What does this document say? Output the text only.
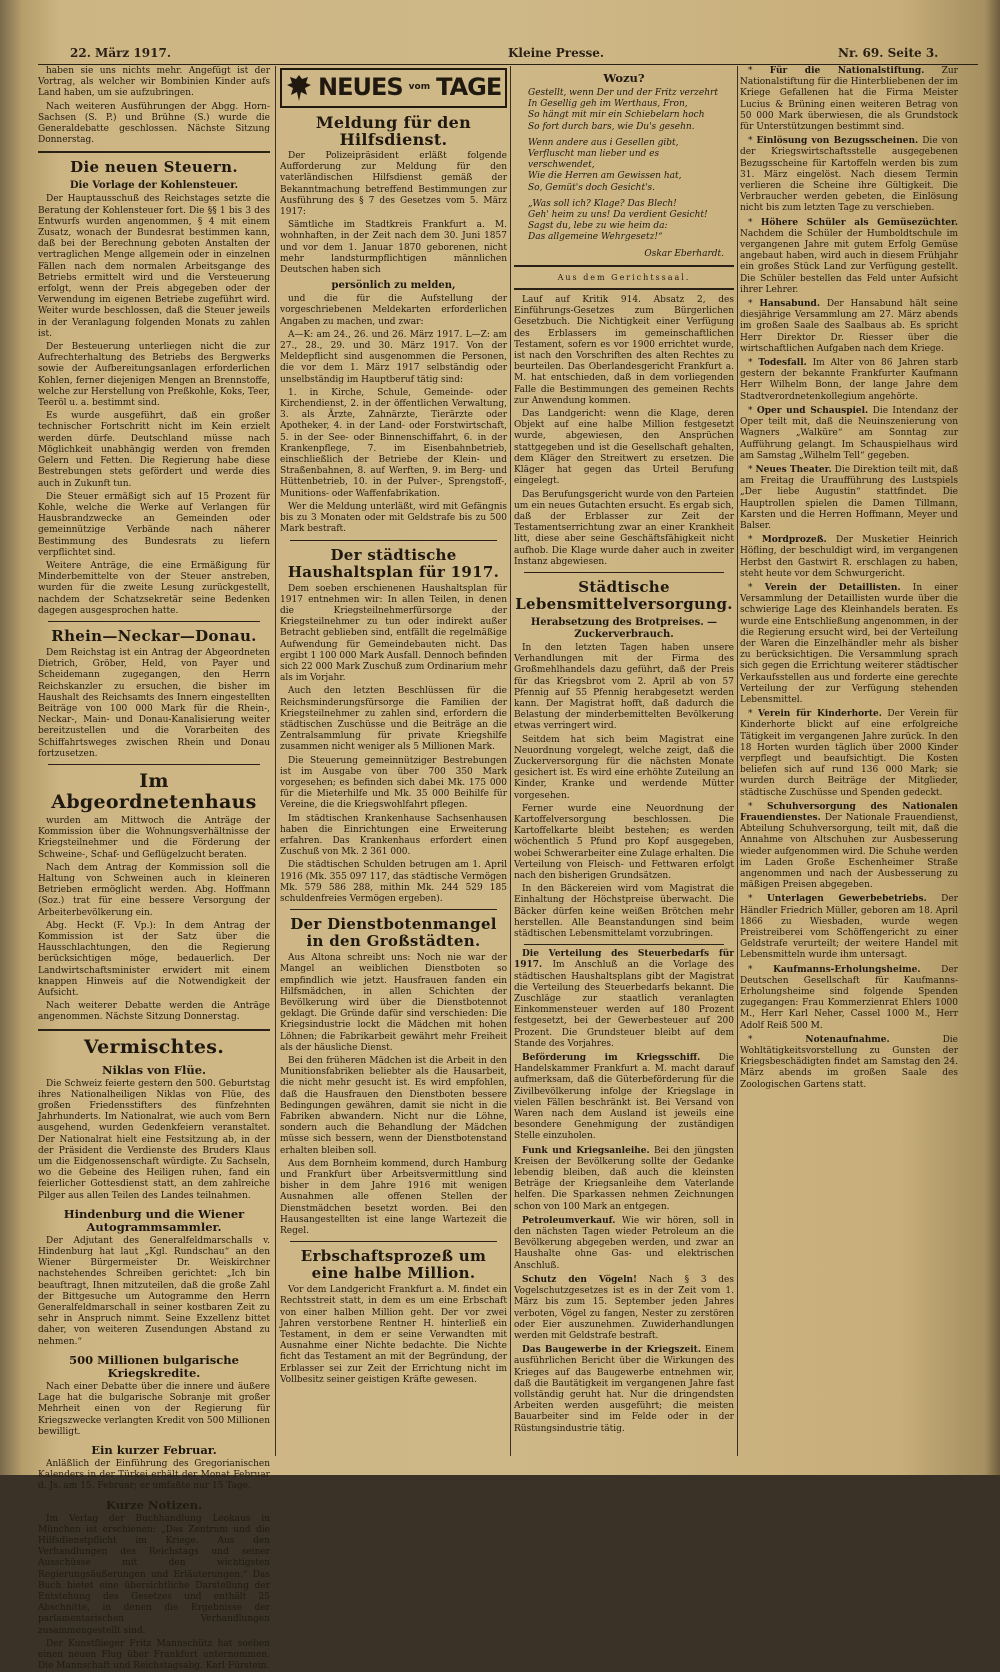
22. März 1917.	Kleine Presse.	Nr. 69. Seite 3.

haben sie uns nichts mehr. Angefügt ist der Vortrag, als welcher wir Bombinien Kinder aufs Land haben, um sie aufzubringen.

Nach weiteren Ausführungen der Abgg. Horn-Sachsen (S. P.) und Brühne (S.) wurde die Generaldebatte geschlossen. Nächste Sitzung Donnerstag.

Die neuen Steuern.
Die Vorlage der Kohlensteuer.

Der Hauptausschuß des Reichstages setzte die Beratung der Kohlensteuer fort. Die §§ 1 bis 3 des Entwurfs wurden angenommen, § 4 mit einem Zusatz, wonach der Bundesrat bestimmen kann, daß bei der Berechnung geboten Anstalten der vertraglichen Menge allgemein oder in einzelnen Fällen nach dem normalen Arbeitsgange des Betriebs ermittelt wird und die Versteuerung erfolgt, wenn der Preis abgegeben oder der Verwendung im eigenen Betriebe zugeführt wird. Weiter wurde beschlossen, daß die Steuer jeweils in der Veranlagung folgenden Monats zu zahlen ist.

Der Besteuerung unterliegen nicht die zur Aufrechterhaltung des Betriebs des Bergwerks sowie der Aufbereitungsanlagen erforderlichen Kohlen, ferner diejenigen Mengen an Brennstoffe, welche zur Herstellung von Preßkohle, Koks, Teer, Teeröl u. a. bestimmt sind.

Es wurde ausgeführt, daß ein großer technischer Fortschritt nicht im Kein erzielt werden dürfe. Deutschland müsse nach Möglichkeit unabhängig werden von fremden Gelern und Fetten. Die Regierung habe diese Bestrebungen stets gefördert und werde dies auch in Zukunft tun.

Die Steuer ermäßigt sich auf 15 Prozent für Kohle, welche die Werke auf Verlangen für Hausbrandzwecke an Gemeinden oder gemeinnützige Verbände nach näherer Bestimmung des Bundesrats zu liefern verpflichtet sind.

Weitere Anträge, die eine Ermäßigung für Minderbemittelte von der Steuer anstreben, wurden für die zweite Lesung zurückgestellt, nachdem der Schatzsekretär seine Bedenken dagegen ausgesprochen hatte.

Rhein—Neckar—Donau.

Dem Reichstag ist ein Antrag der Abgeordneten Dietrich, Gröber, Held, von Payer und Scheidemann zugegangen, den Herrn Reichskanzler zu ersuchen, die bisher im Haushalt des Reichsamts des Innern eingestellten Beiträge von 100 000 Mark für die Rhein-, Neckar-, Main- und Donau-Kanalisierung weiter bereitzustellen und die Vorarbeiten des Schiffahrtsweges zwischen Rhein und Donau fortzusetzen.

Im Abgeordnetenhaus

wurden am Mittwoch die Anträge der Kommission über die Wohnungsverhältnisse der Kriegsteilnehmer und die Förderung der Schweine-, Schaf- und Geflügelzucht beraten.

Nach dem Antrag der Kommission soll die Haltung von Schweinen auch in kleineren Betrieben ermöglicht werden. Abg. Hoffmann (Soz.) trat für eine bessere Versorgung der Arbeiterbevölkerung ein.

Abg. Heckt (F. Vp.): In dem Antrag der Kommission ist der Satz über die Hausschlachtungen, den die Regierung berücksichtigen möge, bedauerlich. Der Landwirtschaftsminister erwidert mit einem knappen Hinweis auf die Notwendigkeit der Aufsicht.

Nach weiterer Debatte werden die Anträge angenommen. Nächste Sitzung Donnerstag.

Vermischtes.
Niklas von Flüe.

Die Schweiz feierte gestern den 500. Geburtstag ihres Nationalheiligen Niklas von Flüe, des großen Friedensstifters des fünfzehnten Jahrhunderts. Im Nationalrat, wie auch vom Bern ausgehend, wurden Gedenkfeiern veranstaltet. Der Nationalrat hielt eine Festsitzung ab, in der der Präsident die Verdienste des Bruders Klaus um die Eidgenossenschaft würdigte. Zu Sachseln, wo die Gebeine des Heiligen ruhen, fand ein feierlicher Gottesdienst statt, an dem zahlreiche Pilger aus allen Teilen des Landes teilnahmen.

Hindenburg und die Wiener Autogrammsammler.

Der Adjutant des Generalfeldmarschalls v. Hindenburg hat laut „Kgl. Rundschau“ an den Wiener Bürgermeister Dr. Weiskirchner nachstehendes Schreiben gerichtet: „Ich bin beauftragt, Ihnen mitzuteilen, daß die große Zahl der Bittgesuche um Autogramme den Herrn Generalfeldmarschall in seiner kostbaren Zeit zu sehr in Anspruch nimmt. Seine Exzellenz bittet daher, von weiteren Zusendungen Abstand zu nehmen.“

500 Millionen bulgarische Kriegskredite.

Nach einer Debatte über die innere und äußere Lage hat die bulgarische Sobranje mit großer Mehrheit einen von der Regierung für Kriegszwecke verlangten Kredit von 500 Millionen bewilligt.

Ein kurzer Februar.

Anläßlich der Einführung des Gregorianischen Kalenders in der Türkei erhält der Monat Februar d. Js. am 15. Februar; er umfaßte nur 15 Tage.

Kurze Notizen.

Im Verlag der Buchhandlung Leokaus in München ist erschienen: „Das Zentrum und die Hilfsdienstpflicht im Kriege. Aus den Verhandlungen des Reichstags und seiner Ausschüsse mit den wichtigsten Regierungsäußerungen und Erläuterungen.“ Das Buch bietet eine übersichtliche Darstellung der Entstehung des Gesetzes und enthält 25 Abschnitte, in denen die Ergebnisse der parlamentarischen Verhandlungen zusammengestellt sind.

Der Kunstflieger Fritz Mannschütz hat soeben einen neuen Flug über Frankfurt unternommen. Die Mannschaft und Reichstagsabg. Karl Fürstein.

NEUES vom TAGE
Meldung für den Hilfsdienst.

Der Polizeipräsident erläßt folgende Aufforderung zur Meldung für den vaterländischen Hilfsdienst gemäß der Bekanntmachung betreffend Bestimmungen zur Ausführung des § 7 des Gesetzes vom 5. März 1917:

Sämtliche im Stadtkreis Frankfurt a. M. wohnhaften, in der Zeit nach dem 30. Juni 1857 und vor dem 1. Januar 1870 geborenen, nicht mehr landsturmpflichtigen männlichen Deutschen haben sich

persönlich zu melden,

und die für die Aufstellung der vorgeschriebenen Meldekarten erforderlichen Angaben zu machen, und zwar:

A—K: am 24., 26. und 26. März 1917. L—Z: am 27., 28., 29. und 30. März 1917. Von der Meldepflicht sind ausgenommen die Personen, die vor dem 1. März 1917 selbständig oder unselbständig im Hauptberuf tätig sind:

1. in Kirche, Schule, Gemeinde- oder Kirchendienst, 2. in der öffentlichen Verwaltung, 3. als Ärzte, Zahnärzte, Tierärzte oder Apotheker, 4. in der Land- oder Forstwirtschaft, 5. in der See- oder Binnenschiffahrt, 6. in der Krankenpflege, 7. im Eisenbahnbetrieb, einschließlich der Betriebe der Klein- und Straßenbahnen, 8. auf Werften, 9. im Berg- und Hüttenbetrieb, 10. in der Pulver-, Sprengstoff-, Munitions- oder Waffenfabrikation.

Wer die Meldung unterläßt, wird mit Gefängnis bis zu 3 Monaten oder mit Geldstrafe bis zu 500 Mark bestraft.

Der städtische Haushaltsplan für 1917.

Dem soeben erschienenen Haushaltsplan für 1917 entnehmen wir: In allen Teilen, in denen die Kriegsteilnehmerfürsorge der Kriegsteilnehmer zu tun oder indirekt außer Betracht geblieben sind, entfällt die regelmäßige Aufwendung für Gemeindebauten nicht. Das ergibt 1 100 000 Mark Ausfall. Dennoch befinden sich 22 000 Mark Zuschuß zum Ordinarium mehr als im Vorjahr.

Auch den letzten Beschlüssen für die Reichsminderungsfürsorge die Familien der Kriegsteilnehmer zu zahlen sind, erfordern die städtischen Zuschüsse und die Beiträge an die Zentralsammlung für private Kriegshilfe zusammen nicht weniger als 5 Millionen Mark.

Die Steuerung gemeinnütziger Bestrebungen ist im Ausgabe von über 700 350 Mark vorgesehen; es befinden sich dabei Mk. 175 000 für die Mieterhilfe und Mk. 35 000 Beihilfe für Vereine, die die Kriegswohlfahrt pflegen.

Im städtischen Krankenhause Sachsenhausen haben die Einrichtungen eine Erweiterung erfahren. Das Krankenhaus erfordert einen Zuschuß von Mk. 2 361 000.

Die städtischen Schulden betrugen am 1. April 1916 (Mk. 355 097 117, das städtische Vermögen Mk. 579 586 288, mithin Mk. 244 529 185 schuldenfreies Vermögen ergeben).

Der Dienstbotenmangel in den Großstädten.

Aus Altona schreibt uns: Noch nie war der Mangel an weiblichen Dienstboten so empfindlich wie jetzt. Hausfrauen fanden ein Hilfsmädchen, in allen Schichten der Bevölkerung wird über die Dienstbotennot geklagt. Die Gründe dafür sind verschieden: Die Kriegsindustrie lockt die Mädchen mit hohen Löhnen; die Fabrikarbeit gewährt mehr Freiheit als der häusliche Dienst.

Bei den früheren Mädchen ist die Arbeit in den Munitionsfabriken beliebter als die Hausarbeit, die nicht mehr gesucht ist. Es wird empfohlen, daß die Hausfrauen den Dienstboten bessere Bedingungen gewähren, damit sie nicht in die Fabriken abwandern. Nicht nur die Löhne, sondern auch die Behandlung der Mädchen müsse sich bessern, wenn der Dienstbotenstand erhalten bleiben soll.

Aus dem Bornheim kommend, durch Hamburg und Frankfurt über Arbeitsvermittlung sind bisher in dem Jahre 1916 mit wenigen Ausnahmen alle offenen Stellen der Dienstmädchen besetzt worden. Bei den Hausangestellten ist eine lange Wartezeit die Regel.

Erbschaftsprozeß um eine halbe Million.

Vor dem Landgericht Frankfurt a. M. findet ein Rechtsstreit statt, in dem es um eine Erbschaft von einer halben Million geht. Der vor zwei Jahren verstorbene Rentner H. hinterließ ein Testament, in dem er seine Verwandten mit Ausnahme einer Nichte bedachte. Die Nichte ficht das Testament an mit der Begründung, der Erblasser sei zur Zeit der Errichtung nicht im Vollbesitz seiner geistigen Kräfte gewesen.

Wozu?

Gestellt, wenn Der und der Fritz verzehrt
In Gesellig geh im Werthaus, Fron,
So hängt mit mir ein Schiebelarn hoch
So fort durch bars, wie Du's gesehn.

Wenn andere aus i Gesellen gibt,
Verfluscht man lieber und es verschwendet,
Wie die Herren am Gewissen hat,
So, Gemüt's doch Gesicht's.

„Was soll ich? Klage? Das Blech!
Geh' heim zu uns! Da verdient Gesicht!
Sagst du, lebe zu wie heim da:
Das allgemeine Wehrgesetz!“

Oskar Eberhardt.
Aus dem Gerichtssaal.

Lauf auf Kritik 914. Absatz 2, des Einführungs-Gesetzes zum Bürgerlichen Gesetzbuch. Die Nichtigkeit einer Verfügung des Erblassers im gemeinschaftlichen Testament, sofern es vor 1900 errichtet wurde, ist nach den Vorschriften des alten Rechtes zu beurteilen. Das Oberlandesgericht Frankfurt a. M. hat entschieden, daß in dem vorliegenden Falle die Bestimmungen des gemeinen Rechts zur Anwendung kommen.

Das Landgericht: wenn die Klage, deren Objekt auf eine halbe Million festgesetzt wurde, abgewiesen, den Ansprüchen stattgegeben und ist die Gesellschaft gehalten, dem Kläger den Streitwert zu ersetzen. Die Kläger hat gegen das Urteil Berufung eingelegt.

Das Berufungsgericht wurde von den Parteien um ein neues Gutachten ersucht. Es ergab sich, daß der Erblasser zur Zeit der Testamentserrichtung zwar an einer Krankheit litt, diese aber seine Geschäftsfähigkeit nicht aufhob. Die Klage wurde daher auch in zweiter Instanz abgewiesen.

Städtische Lebensmittelversorgung.
Herabsetzung des Brotpreises. — Zuckerverbrauch.

In den letzten Tagen haben unsere Verhandlungen mit der Firma des Großmehlhandels dazu geführt, daß der Preis für das Kriegsbrot vom 2. April ab von 57 Pfennig auf 55 Pfennig herabgesetzt werden kann. Der Magistrat hofft, daß dadurch die Belastung der minderbemittelten Bevölkerung etwas verringert wird.

Seitdem hat sich beim Magistrat eine Neuordnung vorgelegt, welche zeigt, daß die Zuckerversorgung für die nächsten Monate gesichert ist. Es wird eine erhöhte Zuteilung an Kinder, Kranke und werdende Mütter vorgesehen.

Ferner wurde eine Neuordnung der Kartoffelversorgung beschlossen. Die Kartoffelkarte bleibt bestehen; es werden wöchentlich 5 Pfund pro Kopf ausgegeben, wobei Schwerarbeiter eine Zulage erhalten. Die Verteilung von Fleisch- und Fettwaren erfolgt nach den bisherigen Grundsätzen.

In den Bäckereien wird vom Magistrat die Einhaltung der Höchstpreise überwacht. Die Bäcker dürfen keine weißen Brötchen mehr herstellen. Alle Beanstandungen sind beim städtischen Lebensmittelamt vorzubringen.

Die Verteilung des Steuerbedarfs für 1917. Im Anschluß an die Vorlage des städtischen Haushaltsplans gibt der Magistrat die Verteilung des Steuerbedarfs bekannt. Die Zuschläge zur staatlich veranlagten Einkommensteuer werden auf 180 Prozent festgesetzt, bei der Gewerbesteuer auf 200 Prozent. Die Grundsteuer bleibt auf dem Stande des Vorjahres.

Beförderung im Kriegsschiff. Die Handelskammer Frankfurt a. M. macht darauf aufmerksam, daß die Güterbeförderung für die Zivilbevölkerung infolge der Kriegslage in vielen Fällen beschränkt ist. Bei Versand von Waren nach dem Ausland ist jeweils eine besondere Genehmigung der zuständigen Stelle einzuholen.

Funk und Kriegsanleihe. Bei den jüngsten Kreisen der Bevölkerung sollte der Gedanke lebendig bleiben, daß auch die kleinsten Beträge der Kriegsanleihe dem Vaterlande helfen. Die Sparkassen nehmen Zeichnungen schon von 100 Mark an entgegen.

Petroleumverkauf. Wie wir hören, soll in den nächsten Tagen wieder Petroleum an die Bevölkerung abgegeben werden, und zwar an Haushalte ohne Gas- und elektrischen Anschluß.

Schutz den Vögeln! Nach § 3 des Vogelschutzgesetzes ist es in der Zeit vom 1. März bis zum 15. September jeden Jahres verboten, Vögel zu fangen, Nester zu zerstören oder Eier auszunehmen. Zuwiderhandlungen werden mit Geldstrafe bestraft.

Das Baugewerbe in der Kriegszeit. Einem ausführlichen Bericht über die Wirkungen des Krieges auf das Baugewerbe entnehmen wir, daß die Bautätigkeit im vergangenen Jahre fast vollständig geruht hat. Nur die dringendsten Arbeiten werden ausgeführt; die meisten Bauarbeiter sind im Felde oder in der Rüstungsindustrie tätig.

* Für die Nationalstiftung. Zur Nationalstiftung für die Hinterbliebenen der im Kriege Gefallenen hat die Firma Meister Lucius & Brüning einen weiteren Betrag von 50 000 Mark überwiesen, die als Grundstock für Unterstützungen bestimmt sind.

* Einlösung von Bezugsscheinen. Die von der Kriegswirtschaftsstelle ausgegebenen Bezugsscheine für Kartoffeln werden bis zum 31. März eingelöst. Nach diesem Termin verlieren die Scheine ihre Gültigkeit. Die Verbraucher werden gebeten, die Einlösung nicht bis zum letzten Tage zu verschieben.

* Höhere Schüler als Gemüsezüchter. Nachdem die Schüler der Humboldtschule im vergangenen Jahre mit gutem Erfolg Gemüse angebaut haben, wird auch in diesem Frühjahr ein großes Stück Land zur Verfügung gestellt. Die Schüler bestellen das Feld unter Aufsicht ihrer Lehrer.

* Hansabund. Der Hansabund hält seine diesjährige Versammlung am 27. März abends im großen Saale des Saalbaus ab. Es spricht Herr Direktor Dr. Riesser über die wirtschaftlichen Aufgaben nach dem Kriege.

* Todesfall. Im Alter von 86 Jahren starb gestern der bekannte Frankfurter Kaufmann Herr Wilhelm Bonn, der lange Jahre dem Stadtverordnetenkollegium angehörte.

* Oper und Schauspiel. Die Intendanz der Oper teilt mit, daß die Neuinszenierung von Wagners „Walküre“ am Sonntag zur Aufführung gelangt. Im Schauspielhaus wird am Samstag „Wilhelm Tell“ gegeben.

* Neues Theater. Die Direktion teilt mit, daß am Freitag die Uraufführung des Lustspiels „Der liebe Augustin“ stattfindet. Die Hauptrollen spielen die Damen Tillmann, Karsten und die Herren Hoffmann, Meyer und Balser.

* Mordprozeß. Der Musketier Heinrich Höfling, der beschuldigt wird, im vergangenen Herbst den Gastwirt R. erschlagen zu haben, steht heute vor dem Schwurgericht.

* Verein der Detaillisten. In einer Versammlung der Detaillisten wurde über die schwierige Lage des Kleinhandels beraten. Es wurde eine Entschließung angenommen, in der die Regierung ersucht wird, bei der Verteilung der Waren die Einzelhändler mehr als bisher zu berücksichtigen. Die Versammlung sprach sich gegen die Errichtung weiterer städtischer Verkaufsstellen aus und forderte eine gerechte Verteilung der zur Verfügung stehenden Lebensmittel.

* Verein für Kinderhorte. Der Verein für Kinderhorte blickt auf eine erfolgreiche Tätigkeit im vergangenen Jahre zurück. In den 18 Horten wurden täglich über 2000 Kinder verpflegt und beaufsichtigt. Die Kosten beliefen sich auf rund 136 000 Mark; sie wurden durch Beiträge der Mitglieder, städtische Zuschüsse und Spenden gedeckt.

* Schuhversorgung des Nationalen Frauendienstes. Der Nationale Frauendienst, Abteilung Schuhversorgung, teilt mit, daß die Annahme von Altschuhen zur Ausbesserung wieder aufgenommen wird. Die Schuhe werden im Laden Große Eschenheimer Straße angenommen und nach der Ausbesserung zu mäßigen Preisen abgegeben.

* Unterlagen Gewerbebetriebs. Der Händler Friedrich Müller, geboren am 18. April 1866 zu Wiesbaden, wurde wegen Preistreiberei vom Schöffengericht zu einer Geldstrafe verurteilt; der weitere Handel mit Lebensmitteln wurde ihm untersagt.

* Kaufmanns-Erholungsheime. Der Deutschen Gesellschaft für Kaufmanns-Erholungsheime sind folgende Spenden zugegangen: Frau Kommerzienrat Ehlers 1000 M., Herr Karl Neher, Cassel 1000 M., Herr Adolf Reiß 500 M.

* Notenaufnahme.	Die Wohltätigkeitsvorstellung zu Gunsten der Kriegsbeschädigten findet am Samstag den 24. März abends im großen Saale des Zoologischen Gartens statt.
